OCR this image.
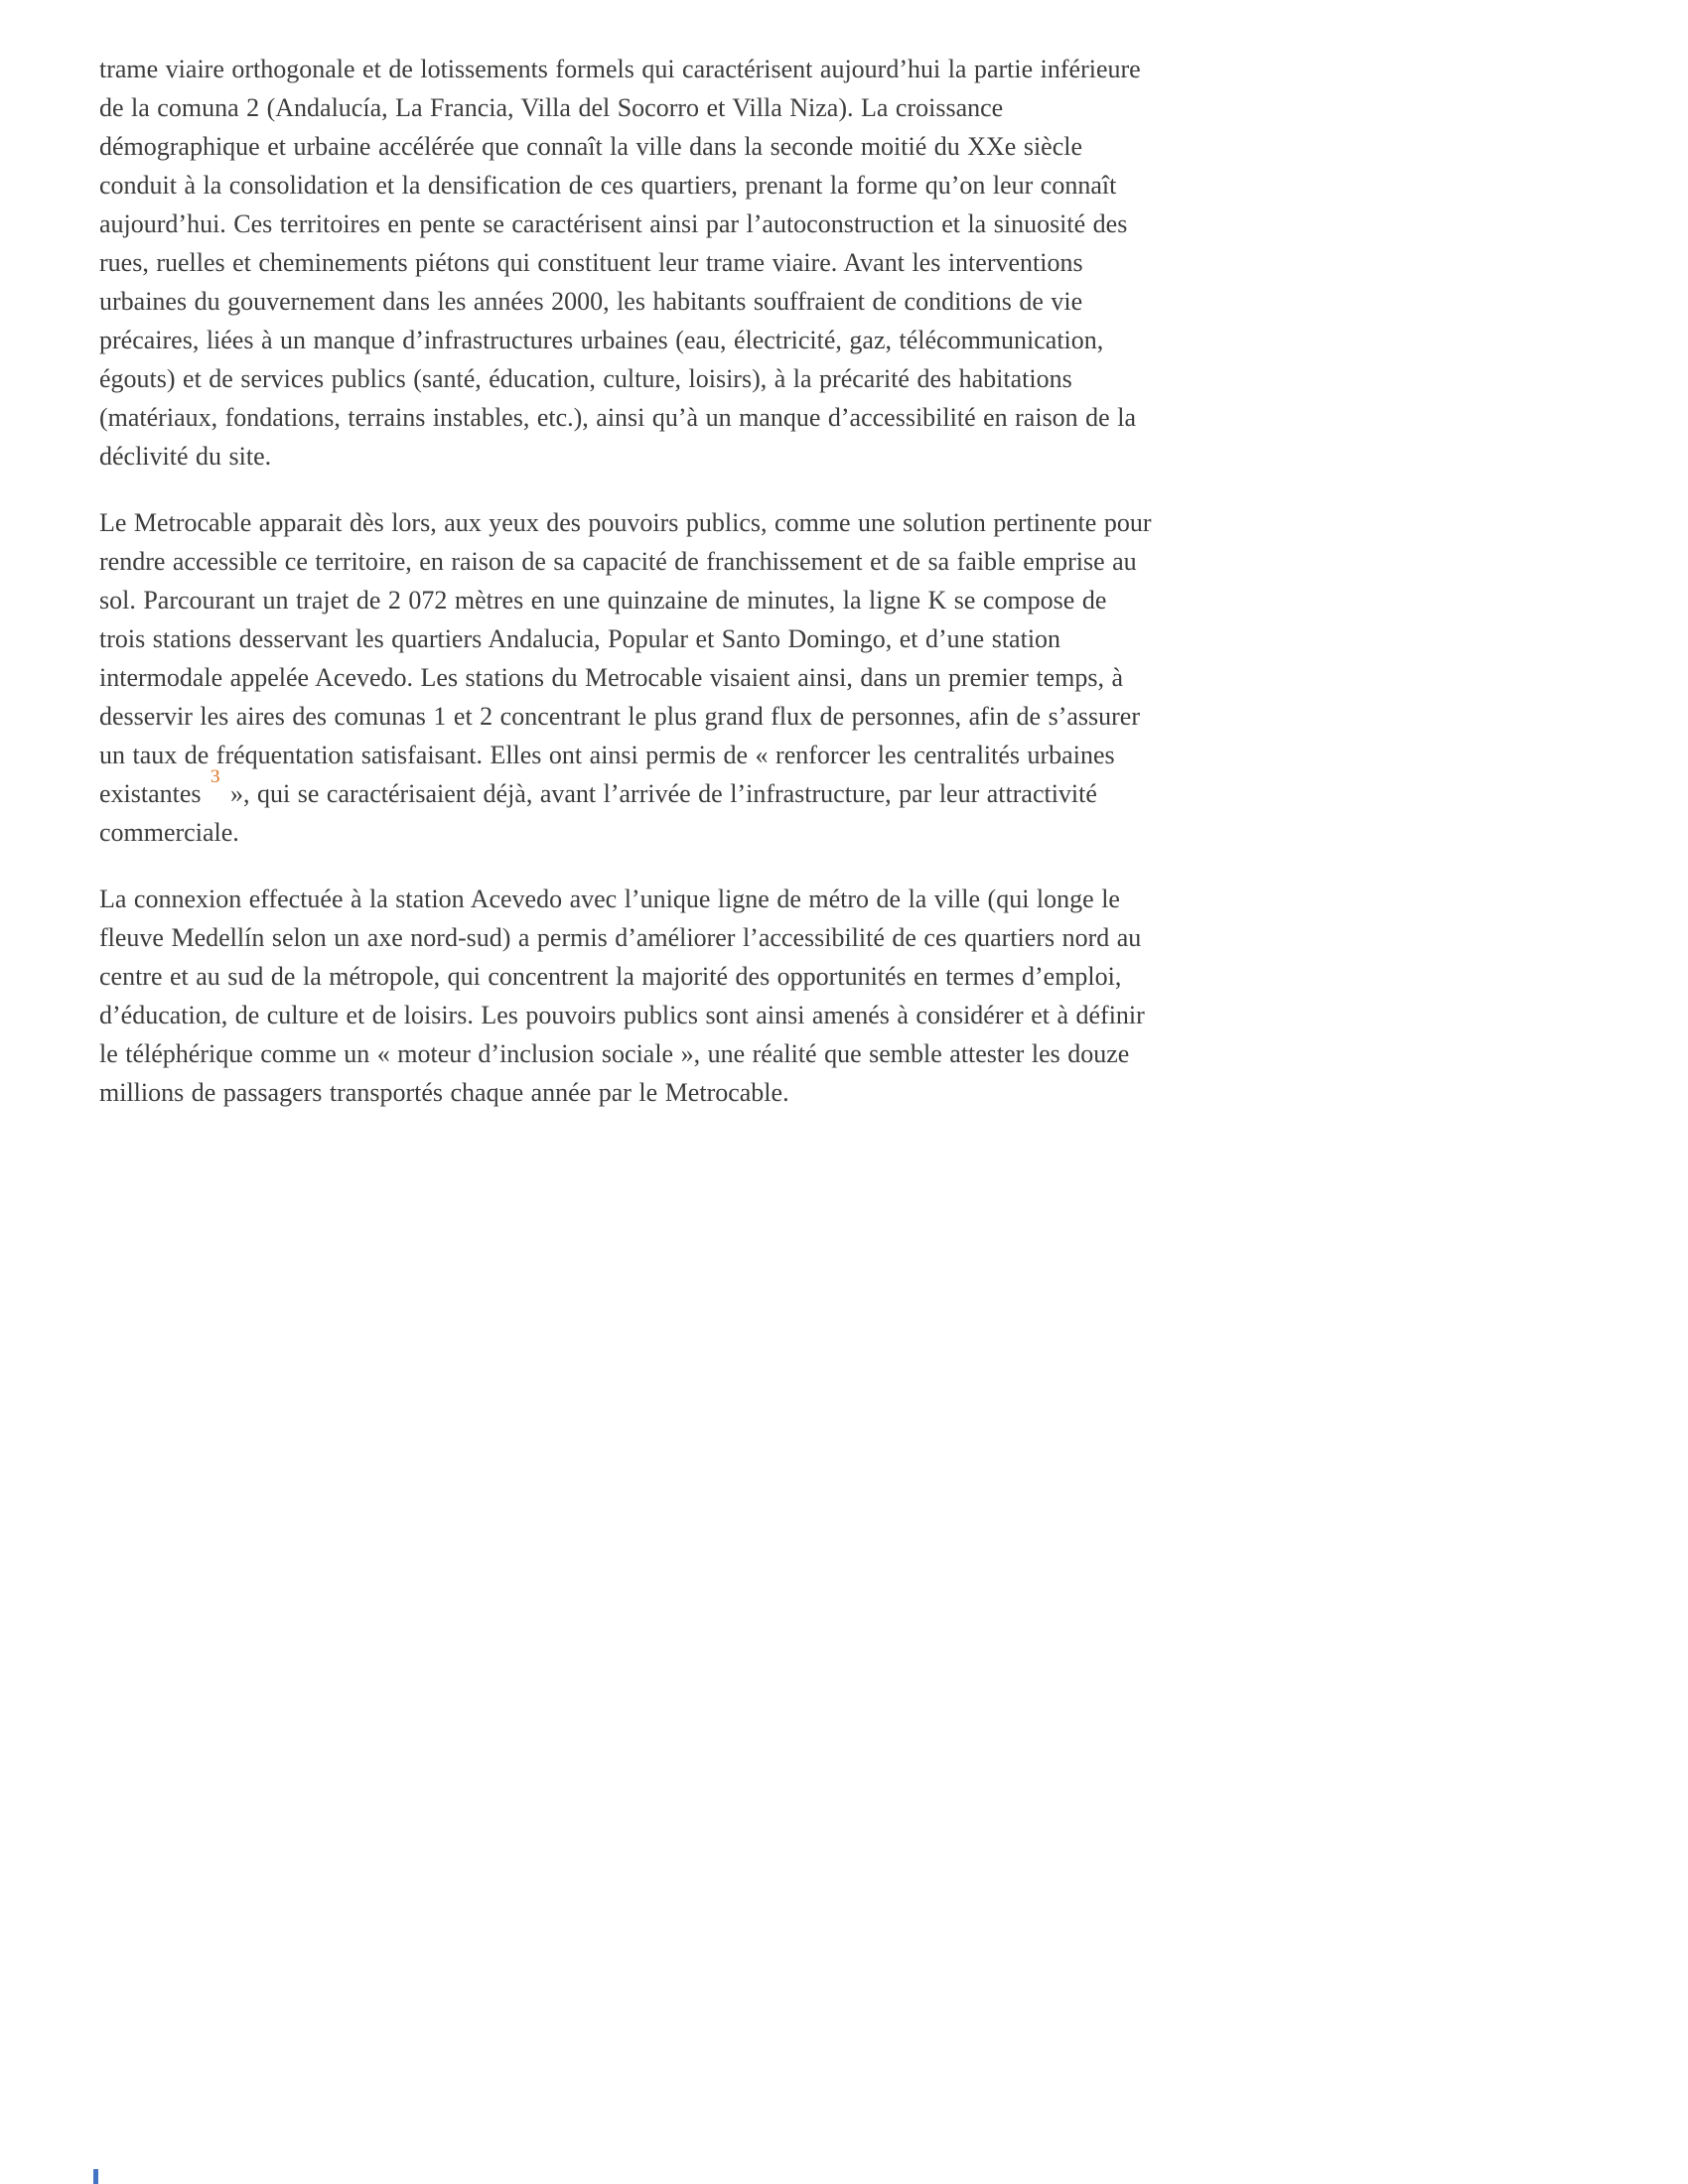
trame viaire orthogonale et de lotissements formels qui caractérisent aujourd’hui la partie inférieure de la comuna 2 (Andalucía, La Francia, Villa del Socorro et Villa Niza). La croissance démographique et urbaine accélérée que connaît la ville dans la seconde moitié du XXe siècle conduit à la consolidation et la densification de ces quartiers, prenant la forme qu’on leur connaît aujourd’hui. Ces territoires en pente se caractérisent ainsi par l’autoconstruction et la sinuosité des rues, ruelles et cheminements piétons qui constituent leur trame viaire. Avant les interventions urbaines du gouvernement dans les années 2000, les habitants souffraient de conditions de vie précaires, liées à un manque d’infrastructures urbaines (eau, électricité, gaz, télécommunication, égouts) et de services publics (santé, éducation, culture, loisirs), à la précarité des habitations (matériaux, fondations, terrains instables, etc.), ainsi qu’à un manque d’accessibilité en raison de la déclivité du site.

Le Metrocable apparait dès lors, aux yeux des pouvoirs publics, comme une solution pertinente pour rendre accessible ce territoire, en raison de sa capacité de franchissement et de sa faible emprise au sol. Parcourant un trajet de 2 072 mètres en une quinzaine de minutes, la ligne K se compose de trois stations desservant les quartiers Andalucia, Popular et Santo Domingo, et d’une station intermodale appelée Acevedo. Les stations du Metrocable visaient ainsi, dans un premier temps, à desservir les aires des comunas 1 et 2 concentrant le plus grand flux de personnes, afin de s’assurer un taux de fréquentation satisfaisant. Elles ont ainsi permis de « renforcer les centralités urbaines existantes $^3$ », qui se caractérisaient déjà, avant l’arrivée de l’infrastructure, par leur attractivité commerciale.

La connexion effectuée à la station Acevedo avec l’unique ligne de métro de la ville (qui longe le fleuve Medellín selon un axe nord-sud) a permis d’améliorer l’accessibilité de ces quartiers nord au centre et au sud de la métropole, qui concentrent la majorité des opportunités en termes d’emploi, d’éducation, de culture et de loisirs. Les pouvoirs publics sont ainsi amenés à considérer et à définir le téléphérique comme un « moteur d’inclusion sociale », une réalité que semble attester les douze millions de passagers transportés chaque année par le Metrocable.
